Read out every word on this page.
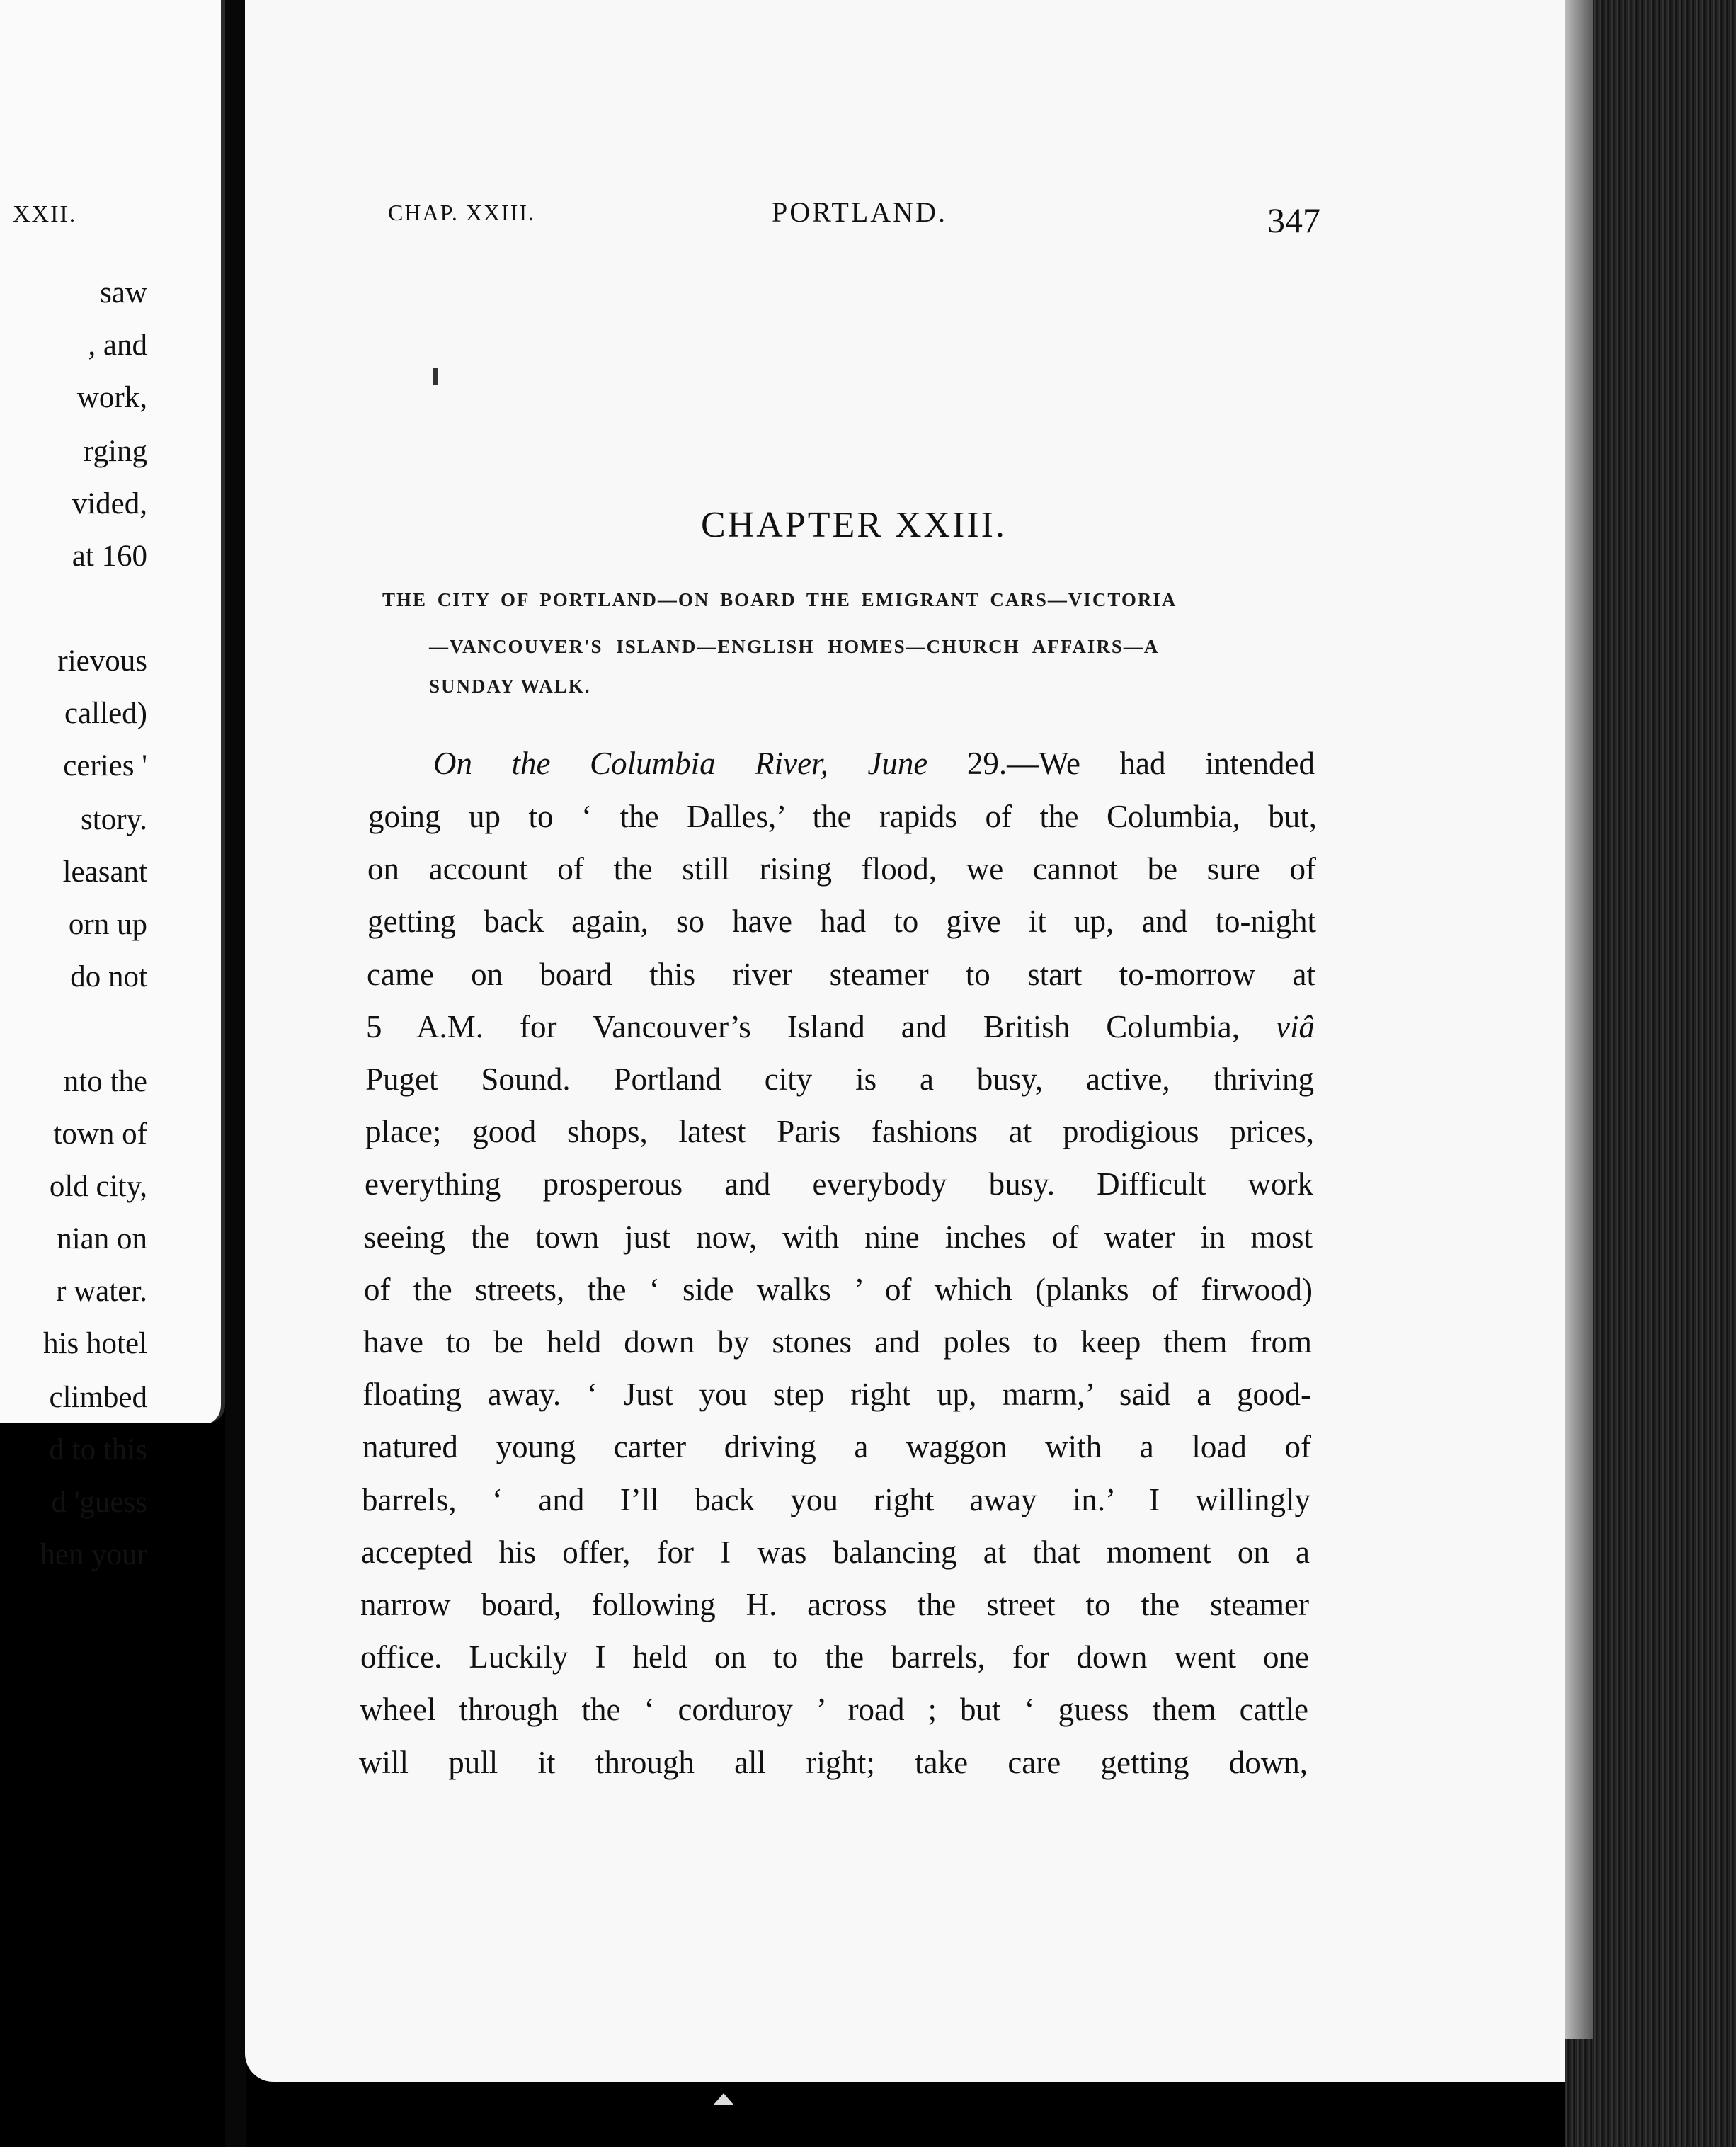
XXII.
saw
, and
work,
rging
vided,
at 160
rievous
called)
ceries '
story.
leasant
orn up
do not
nto the
town of
old city,
nian on
r water.
his hotel
climbed
d to this
d 'guess
hen your
CHAP. XXIII.	PORTLAND.	347
CHAPTER XXIII.
THE CITY OF PORTLAND—ON BOARD THE EMIGRANT CARS—VICTORIA
—VANCOUVER'S ISLAND—ENGLISH HOMES—CHURCH AFFAIRS—A
SUNDAY WALK.
On the Columbia River, June 29.—We had intended
going up to ‘ the Dalles,’ the rapids of the Columbia, but,
on account of the still rising flood, we cannot be sure of
getting back again, so have had to give it up, and to-night
came on board this river steamer to start to-morrow at
5 A.M. for Vancouver’s Island and British Columbia, viâ
Puget Sound. Portland city is a busy, active, thriving
place; good shops, latest Paris fashions at prodigious prices,
everything prosperous and everybody busy. Difficult work
seeing the town just now, with nine inches of water in most
of the streets, the ‘ side walks ’ of which (planks of firwood)
have to be held down by stones and poles to keep them from
floating away. ‘ Just you step right up, marm,’ said a good-
natured young carter driving a waggon with a load of
barrels, ‘ and I’ll back you right away in.’ I willingly
accepted his offer, for I was balancing at that moment on a
narrow board, following H. across the street to the steamer
office. Luckily I held on to the barrels, for down went one
wheel through the ‘ corduroy ’ road ; but ‘ guess them cattle
will pull it through all right; take care getting down,
